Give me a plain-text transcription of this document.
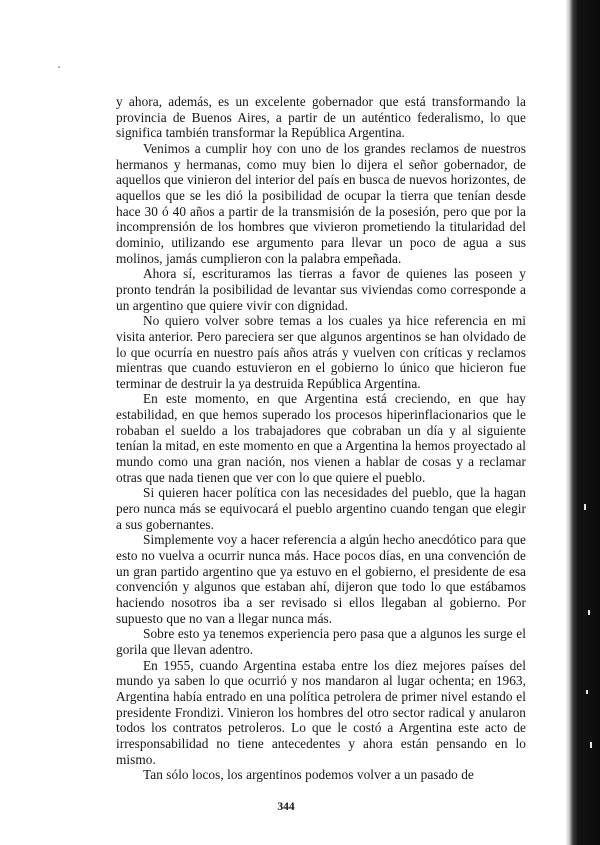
y ahora, además, es un excelente gobernador que está transformando la provincia de Buenos Aires, a partir de un auténtico federalismo, lo que significa también transformar la República Argentina.

Venimos a cumplir hoy con uno de los grandes reclamos de nuestros hermanos y hermanas, como muy bien lo dijera el señor gobernador, de aquellos que vinieron del interior del país en busca de nuevos horizontes, de aquellos que se les dió la posibilidad de ocupar la tierra que tenían desde hace 30 ó 40 años a partir de la transmisión de la posesión, pero que por la incomprensión de los hombres que vivieron prometiendo la titularidad del dominio, utilizando ese argumento para llevar un poco de agua a sus molinos, jamás cumplieron con la palabra empeñada.

Ahora sí, escrituramos las tierras a favor de quienes las poseen y pronto tendrán la posibilidad de levantar sus viviendas como corresponde a un argentino que quiere vivir con dignidad.

No quiero volver sobre temas a los cuales ya hice referencia en mi visita anterior. Pero pareciera ser que algunos argentinos se han olvidado de lo que ocurría en nuestro país años atrás y vuelven con críticas y reclamos mientras que cuando estuvieron en el gobierno lo único que hicieron fue terminar de destruir la ya destruida República Argentina.

En este momento, en que Argentina está creciendo, en que hay estabilidad, en que hemos superado los procesos hiperinflacionarios que le robaban el sueldo a los trabajadores que cobraban un día y al siguiente tenían la mitad, en este momento en que a Argentina la hemos proyectado al mundo como una gran nación, nos vienen a hablar de cosas y a reclamar otras que nada tienen que ver con lo que quiere el pueblo.

Si quieren hacer política con las necesidades del pueblo, que la hagan pero nunca más se equivocará el pueblo argentino cuando tengan que elegir a sus gobernantes.

Simplemente voy a hacer referencia a algún hecho anecdótico para que esto no vuelva a ocurrir nunca más. Hace pocos días, en una convención de un gran partido argentino que ya estuvo en el gobierno, el presidente de esa convención y algunos que estaban ahí, dijeron que todo lo que estábamos haciendo nosotros iba a ser revisado si ellos llegaban al gobierno. Por supuesto que no van a llegar nunca más.

Sobre esto ya tenemos experiencia pero pasa que a algunos les surge el gorila que llevan adentro.

En 1955, cuando Argentina estaba entre los diez mejores países del mundo ya saben lo que ocurrió y nos mandaron al lugar ochenta; en 1963, Argentina había entrado en una política petrolera de primer nivel estando el presidente Frondizi. Vinieron los hombres del otro sector radical y anularon todos los contratos petroleros. Lo que le costó a Argentina este acto de irresponsabilidad no tiene antecedentes y ahora están pensando en lo mismo.

Tan sólo locos, los argentinos podemos volver a un pasado de

344
